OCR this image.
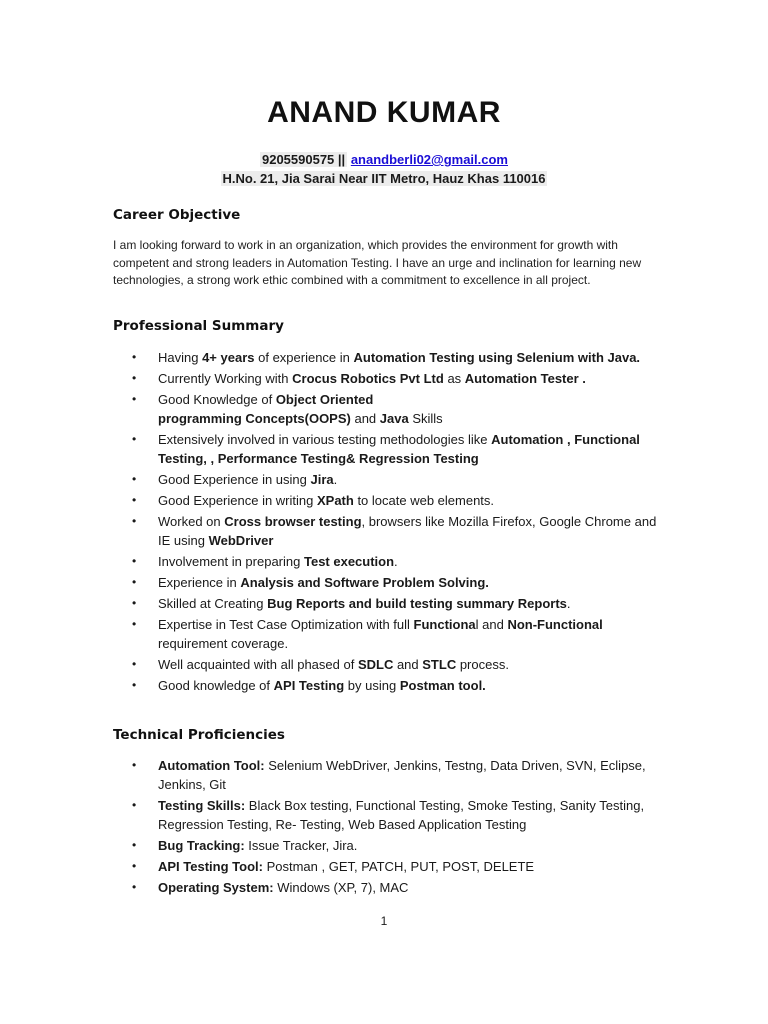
ANAND KUMAR
9205590575 || anandberli02@gmail.com
H.No. 21, Jia Sarai Near IIT Metro, Hauz Khas 110016
Career Objective
I am looking forward to work in an organization, which provides the environment for growth with competent and strong leaders in Automation Testing. I have an urge and inclination for learning new technologies, a strong work ethic combined with a commitment to excellence in all project.
Professional Summary
• Having 4+ years of experience in Automation Testing using Selenium with Java.
• Currently Working with Crocus Robotics Pvt Ltd as Automation Tester .
• Good Knowledge of Object Oriented
programming Concepts(OOPS) and Java Skills
• Extensively involved in various testing methodologies like Automation , Functional Testing, , Performance Testing& Regression Testing
• Good Experience in using Jira.
• Good Experience in writing XPath to locate web elements.
• Worked on Cross browser testing, browsers like Mozilla Firefox, Google Chrome and IE using WebDriver
• Involvement in preparing Test execution.
• Experience in Analysis and Software Problem Solving.
• Skilled at Creating Bug Reports and build testing summary Reports.
• Expertise in Test Case Optimization with full Functional and Non-Functional requirement coverage.
• Well acquainted with all phased of SDLC and STLC process.
• Good knowledge of API Testing by using Postman tool.
Technical Proficiencies
• Automation Tool: Selenium WebDriver, Jenkins, Testng, Data Driven, SVN, Eclipse, Jenkins, Git
• Testing Skills: Black Box testing, Functional Testing, Smoke Testing, Sanity Testing, Regression Testing, Re- Testing, Web Based Application Testing
• Bug Tracking: Issue Tracker, Jira.
• API Testing Tool: Postman , GET, PATCH, PUT, POST, DELETE
• Operating System: Windows (XP, 7), MAC
1
